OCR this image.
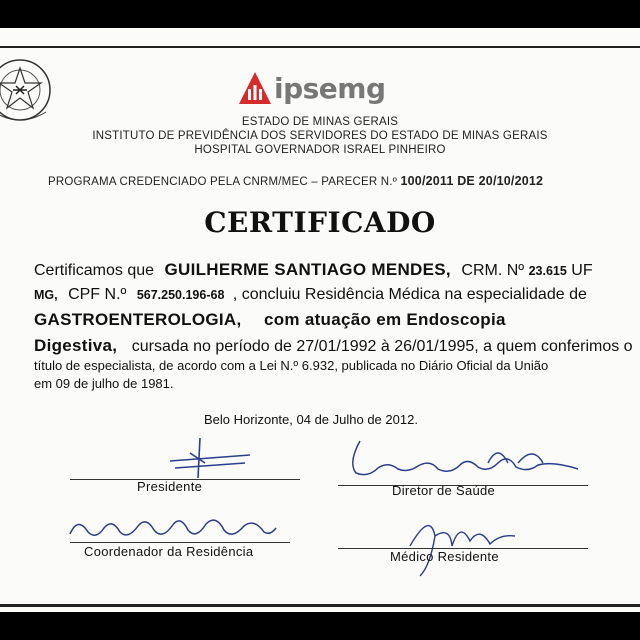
ipsemg
ESTADO DE MINAS GERAIS
INSTITUTO DE PREVIDÊNCIA DOS SERVIDORES DO ESTADO DE MINAS GERAIS
HOSPITAL GOVERNADOR ISRAEL PINHEIRO
PROGRAMA CREDENCIADO PELA CNRM/MEC – PARECER N.º 100/2011 DE 20/10/2012
CERTIFICADO
Certificamos que GUILHERME SANTIAGO MENDES, CRM. Nº 23.615 UF
MG, CPF N.º 567.250.196-68 , concluiu Residência Médica na especialidade de
GASTROENTEROLOGIA, com atuação em Endoscopia
Digestiva, cursada no período de 27/01/1992 à 26/01/1995, a quem conferimos o
título de especialista, de acordo com a Lei N.º 6.932, publicada no Diário Oficial da União
em 09 de julho de 1981.
Belo Horizonte, 04 de Julho de 2012.
Presidente	Diretor de Saúde
Coordenador da Residência	Médico Residente
